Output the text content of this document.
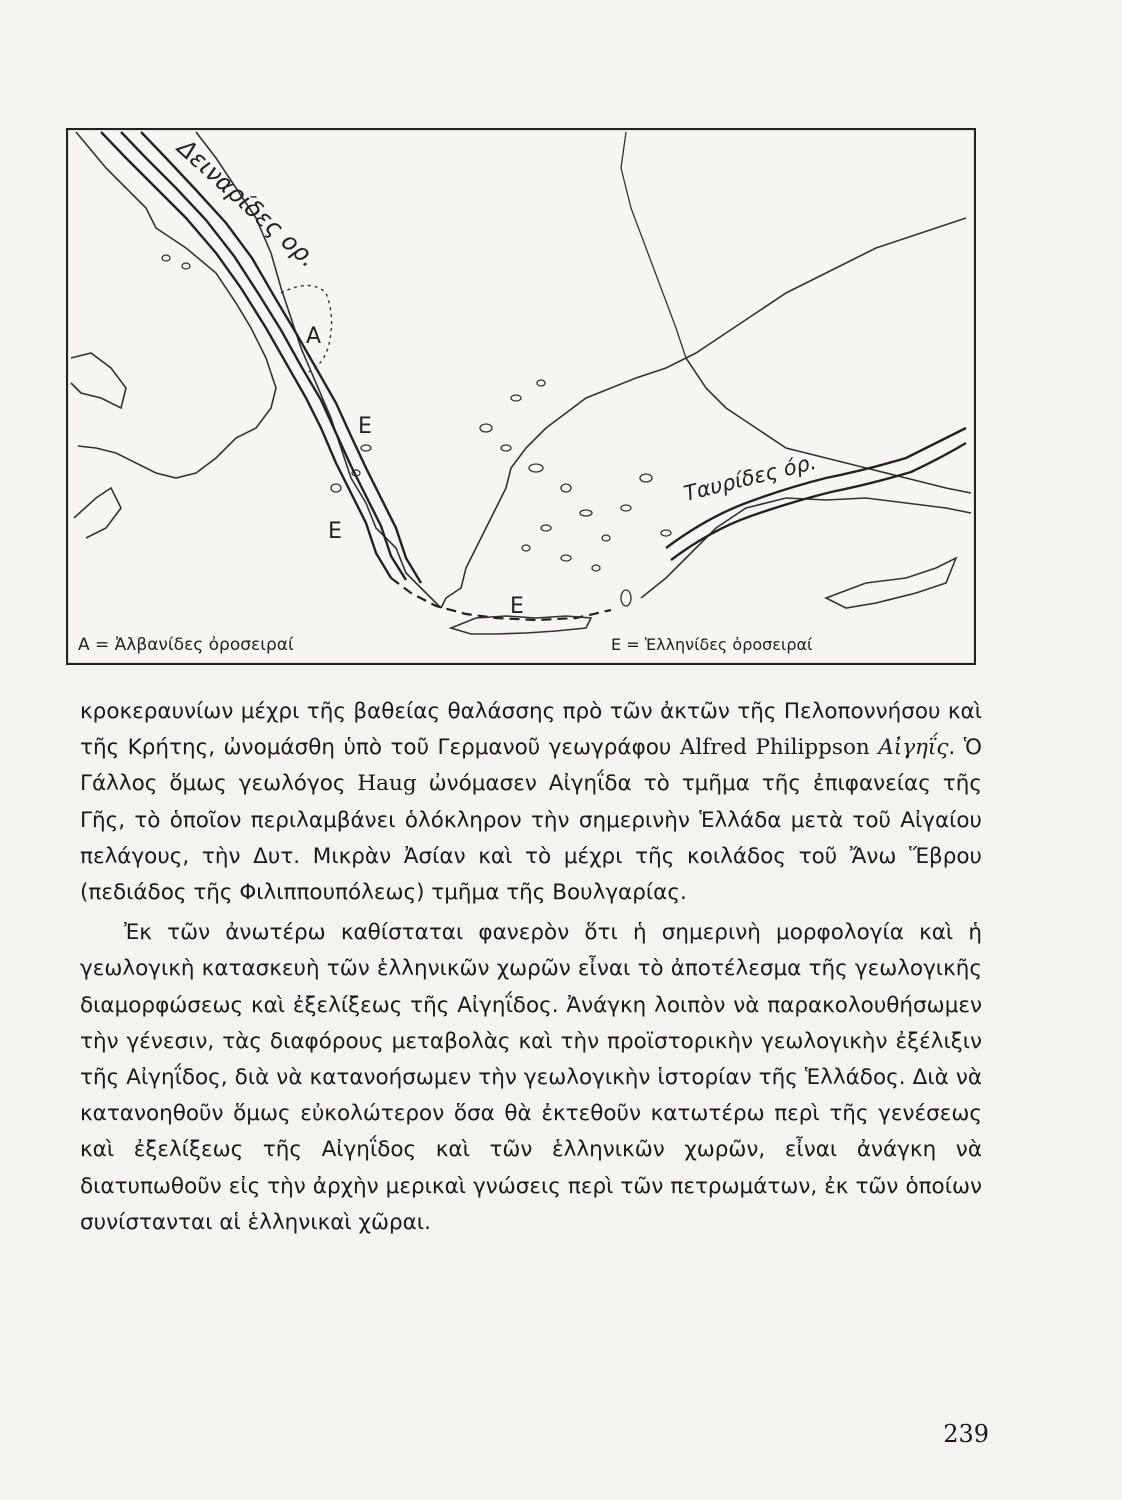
Δειναρίδες ορ.
Ταυρίδες όρ.
A
E
E
E
A = Ἀλβανίδες ὀροσειραί	E = Ἑλληνίδες ὀροσειραί

κροκεραυνίων μέχρι τῆς βαθείας θαλάσσης πρὸ τῶν ἀκτῶν τῆς Πελοποννήσου καὶ τῆς Κρήτης, ὠνομάσθη ὑπὸ τοῦ Γερμανοῦ γεωγράφου Alfred Philippson Αἰγηΐς. Ὁ Γάλλος ὅμως γεωλόγος Haug ὠνόμασεν Αἰγηΐδα τὸ τμῆμα τῆς ἐπιφανείας τῆς Γῆς, τὸ ὁποῖον περιλαμβάνει ὁλόκληρον τὴν σημερινὴν Ἑλλάδα μετὰ τοῦ Αἰγαίου πελάγους, τὴν Δυτ. Μικρὰν Ἀσίαν καὶ τὸ μέχρι τῆς κοιλάδος τοῦ Ἄνω Ἕβρου (πεδιάδος τῆς Φιλιππουπόλεως) τμῆμα τῆς Βουλγαρίας.

Ἐκ τῶν ἀνωτέρω καθίσταται φανερὸν ὅτι ἡ σημερινὴ μορφολογία καὶ ἡ γεωλογικὴ κατασκευὴ τῶν ἑλληνικῶν χωρῶν εἶναι τὸ ἀποτέλεσμα τῆς γεωλογικῆς διαμορφώσεως καὶ ἐξελίξεως τῆς Αἰγηΐδος. Ἀνάγκη λοιπὸν νὰ παρακολουθήσωμεν τὴν γένεσιν, τὰς διαφόρους μεταβολὰς καὶ τὴν προϊστορικὴν γεωλογικὴν ἐξέλιξιν τῆς Αἰγηΐδος, διὰ νὰ κατανοήσωμεν τὴν γεωλογικὴν ἱστορίαν τῆς Ἑλλάδος. Διὰ νὰ κατανοηθοῦν ὅμως εὐκολώτερον ὅσα θὰ ἐκτεθοῦν κατωτέρω περὶ τῆς γενέσεως καὶ ἐξελίξεως τῆς Αἰγηΐδος καὶ τῶν ἑλληνικῶν χωρῶν, εἶναι ἀνάγκη νὰ διατυπωθοῦν εἰς τὴν ἀρχὴν μερικαὶ γνώσεις περὶ τῶν πετρωμάτων, ἐκ τῶν ὁποίων συνίστανται αἱ ἑλληνικαὶ χῶραι.

239
